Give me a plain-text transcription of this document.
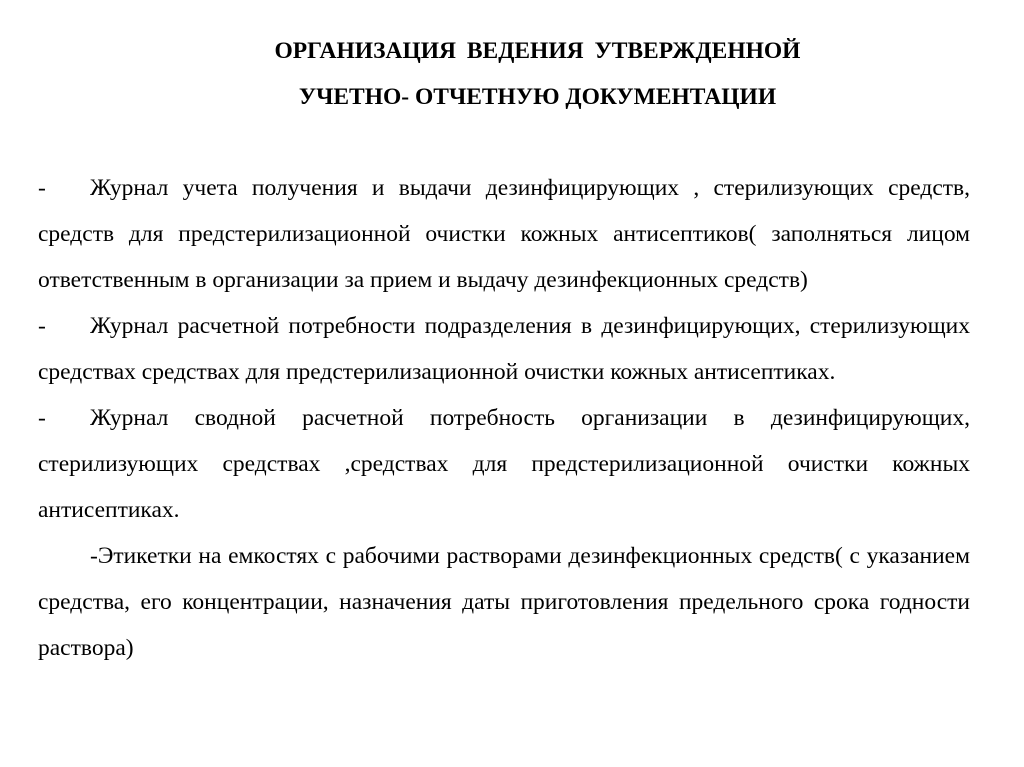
ОРГАНИЗАЦИЯ ВЕДЕНИЯ УТВЕРЖДЕННОЙ
УЧЕТНО- ОТЧЕТНУЮ ДОКУМЕНТАЦИИ

- Журнал учета получения и выдачи дезинфицирующих , стерилизующих средств, средств для предстерилизационной очистки кожных антисептиков( заполняться лицом ответственным в организации за прием и выдачу дезинфекционных средств)

- Журнал расчетной потребности подразделения в дезинфицирующих, стерилизующих средствах средствах для предстерилизационной очистки кожных антисептиках.

- Журнал сводной расчетной потребность организации в дезинфицирующих, стерилизующих средствах ,средствах для предстерилизационной очистки кожных антисептиках.

-Этикетки на емкостях с рабочими растворами дезинфекционных средств( с указанием средства, его концентрации, назначения даты приготовления предельного срока годности раствора)
